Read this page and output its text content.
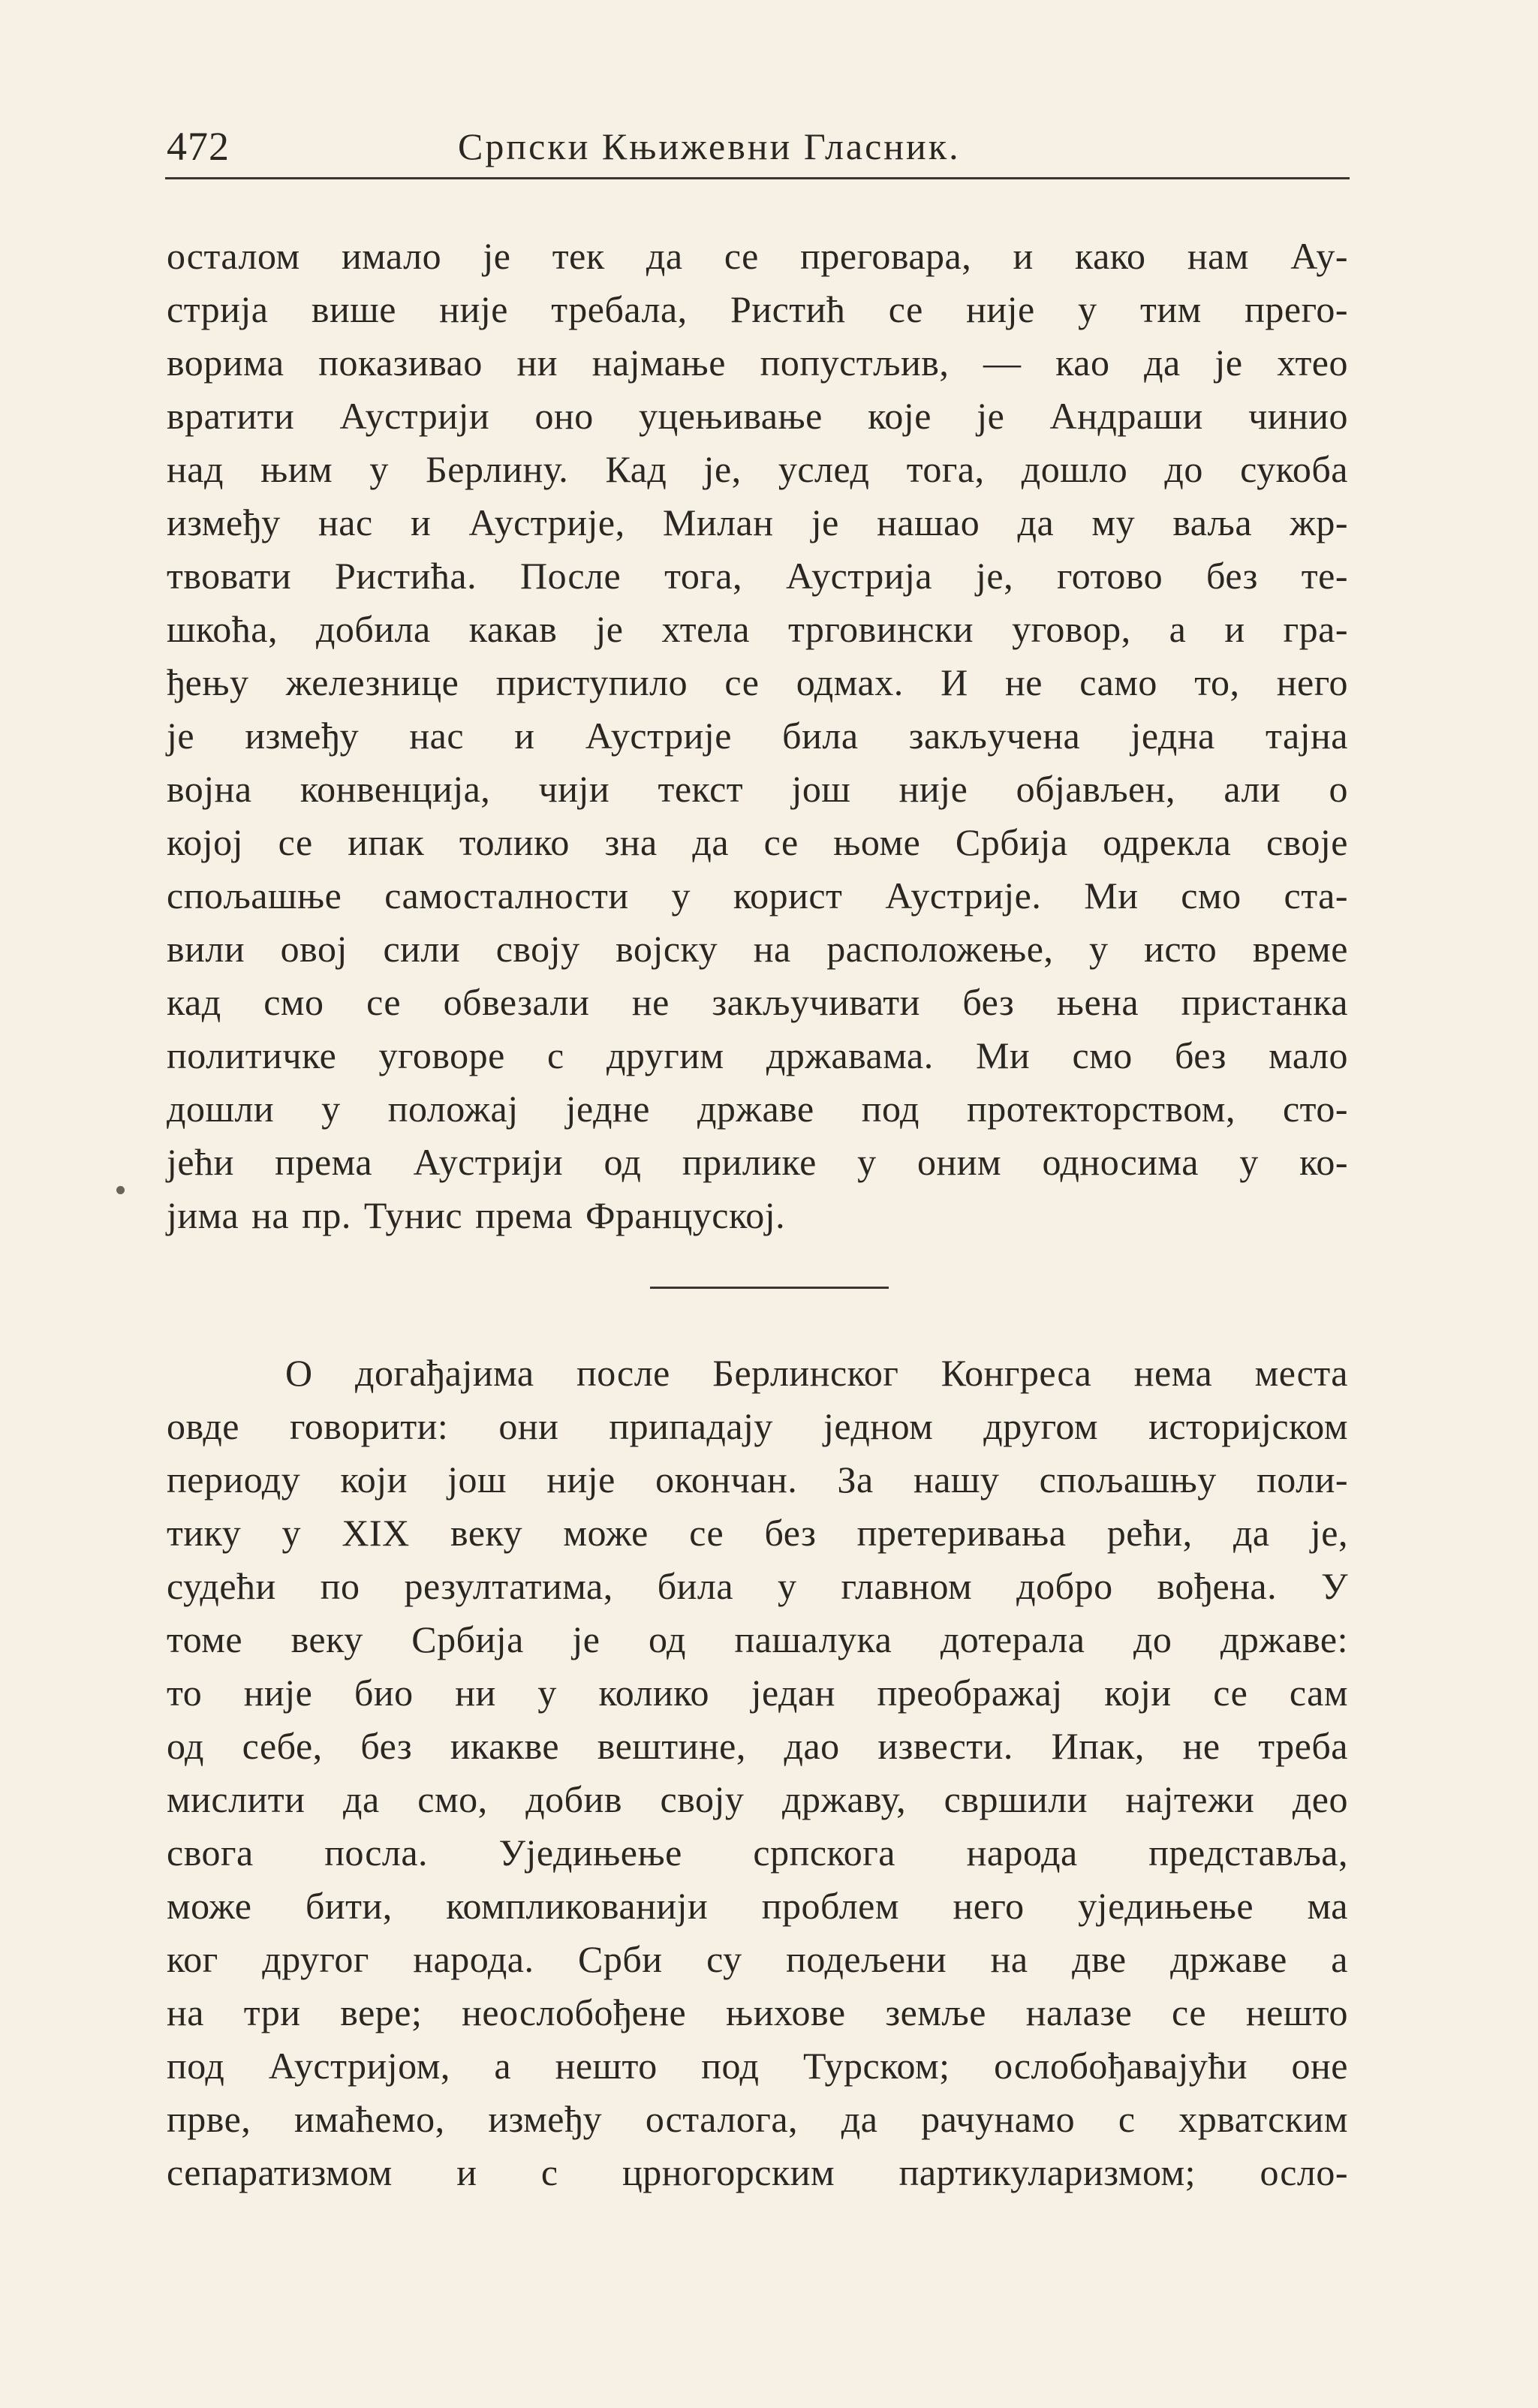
472	Српски Књижевни Гласник.
осталом имало је тек да се преговара, и како нам Ау-
стрија више није требала, Ристић се није у тим прего-
ворима показивао ни најмање попустљив, — као да је хтео
вратити Аустрији оно уцењивање које је Андраши чинио
над њим у Берлину. Кад је, услед тога, дошло до сукоба
између нас и Аустрије, Милан је нашао да му ваља жр-
твовати Ристића. После тога, Аустрија је, готово без те-
шкоћа, добила какав је хтела трговински уговор, а и гра-
ђењу железнице приступило се одмах. И не само то, него
је између нас и Аустрије била закључена једна тајна
војна конвенција, чији текст још није објављен, али о
којој се ипак толико зна да се њоме Србија одрекла своје
спољашње самосталности у корист Аустрије. Ми смо ста-
вили овој сили своју војску на расположење, у исто време
кад смо се обвезали не закључивати без њена пристанка
политичке уговоре с другим државама. Ми смо без мало
дошли у положај једне државе под протекторством, сто-
јећи према Аустрији од прилике у оним односима у ко-
јима на пр. Тунис према Француској.
О догађајима после Берлинског Конгреса нема места
овде говорити: они припадају једном другом историјском
периоду који још није окончан. За нашу спољашњу поли-
тику у XIX веку може се без претеривања рећи, да је,
судећи по резултатима, била у главном добро вођена. У
томе веку Србија је од пашалука дотерала до државе:
то није био ни у колико један преображај који се сам
од себе, без икакве вештине, дао извести. Ипак, не треба
мислити да смо, добив своју државу, свршили најтежи део
свога посла. Уједињење српскога народа представља,
може бити, компликованији проблем него уједињење ма
ког другог народа. Срби су подељени на две државе а
на три вере; неослобођене њихове земље налазе се нешто
под Аустријом, а нешто под Турском; ослобођавајући оне
прве, имаћемо, између осталога, да рачунамо с хрватским
сепаратизмом и с црногорским партикуларизмом; осло-
